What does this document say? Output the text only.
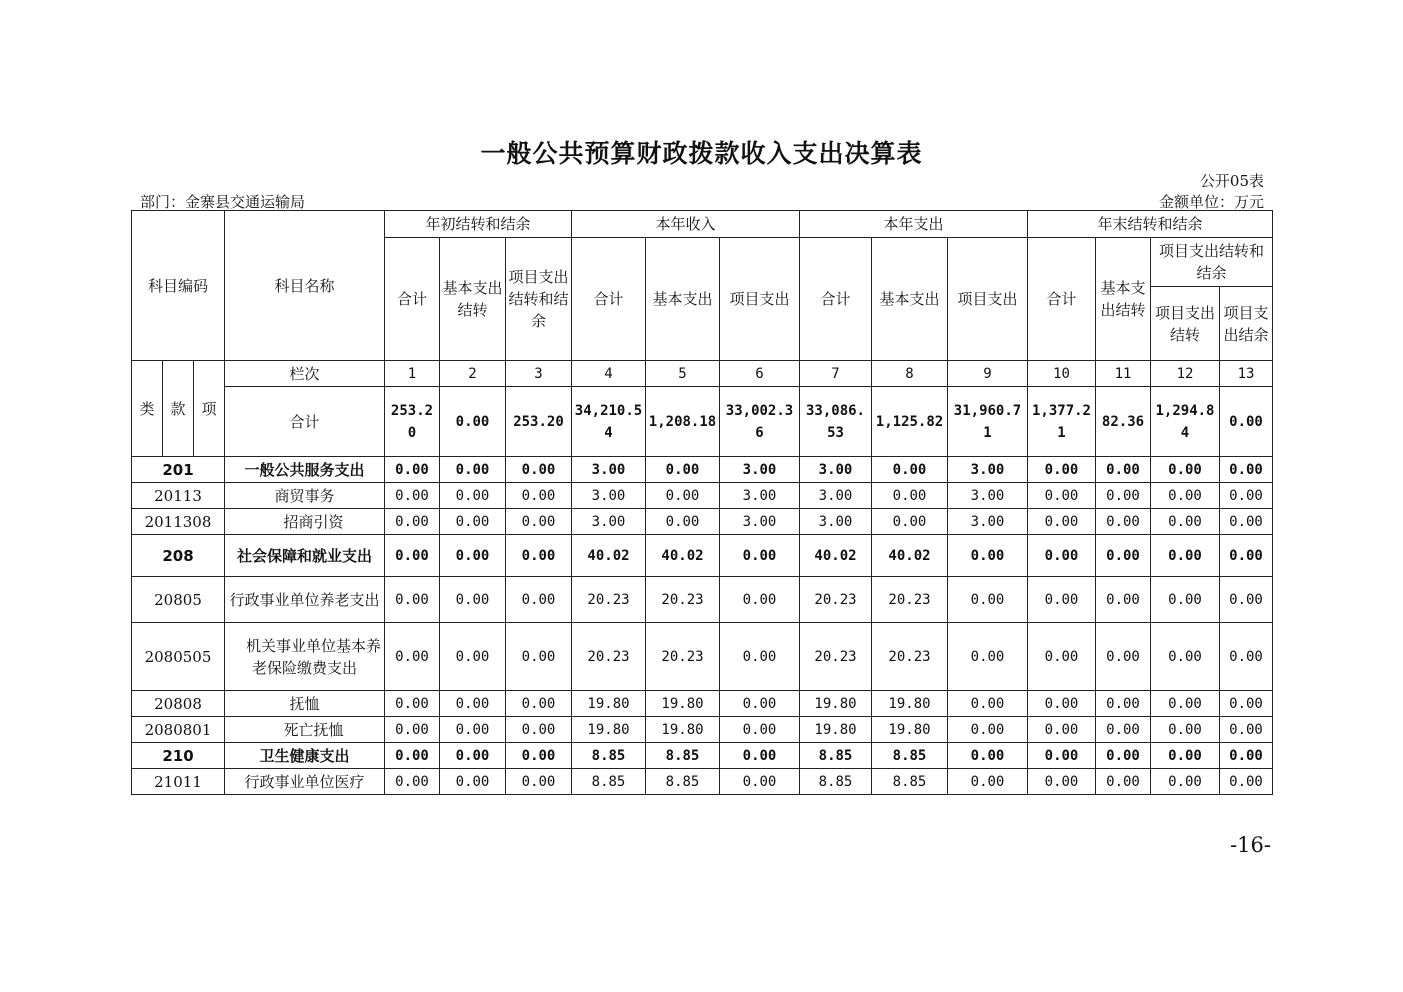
一般公共预算财政拨款收入支出决算表
公开05表
部门：金寨县交通运输局	金额单位：万元
科目编码			科目名称	年初结转和结余			本年收入			本年支出			年末结转和结余			
				合计	基本支出结转	项目支出结转和结余	合计	基本支出	项目支出	合计	基本支出	项目支出	合计	基本支出结转	项目支出结转和结余	
															项目支出结转	项目支出结余
类	款	项	栏次	1	2	3	4	5	6	7	8	9	10	11	12	13
			合计	253.20	0.00	253.20	34,210.54	1,208.18	33,002.36	33,086.53	1,125.82	31,960.71	1,377.21	82.36	1,294.84	0.00
201			一般公共服务支出	0.00	0.00	0.00	3.00	0.00	3.00	3.00	0.00	3.00	0.00	0.00	0.00	0.00
20113			商贸事务	0.00	0.00	0.00	3.00	0.00	3.00	3.00	0.00	3.00	0.00	0.00	0.00	0.00
2011308			招商引资	0.00	0.00	0.00	3.00	0.00	3.00	3.00	0.00	3.00	0.00	0.00	0.00	0.00
208			社会保障和就业支出	0.00	0.00	0.00	40.02	40.02	0.00	40.02	40.02	0.00	0.00	0.00	0.00	0.00
20805			行政事业单位养老支出	0.00	0.00	0.00	20.23	20.23	0.00	20.23	20.23	0.00	0.00	0.00	0.00	0.00
2080505			机关事业单位基本养老保险缴费支出	0.00	0.00	0.00	20.23	20.23	0.00	20.23	20.23	0.00	0.00	0.00	0.00	0.00
20808			抚恤	0.00	0.00	0.00	19.80	19.80	0.00	19.80	19.80	0.00	0.00	0.00	0.00	0.00
2080801			死亡抚恤	0.00	0.00	0.00	19.80	19.80	0.00	19.80	19.80	0.00	0.00	0.00	0.00	0.00
210			卫生健康支出	0.00	0.00	0.00	8.85	8.85	0.00	8.85	8.85	0.00	0.00	0.00	0.00	0.00
21011			行政事业单位医疗	0.00	0.00	0.00	8.85	8.85	0.00	8.85	8.85	0.00	0.00	0.00	0.00	0.00
-16-
